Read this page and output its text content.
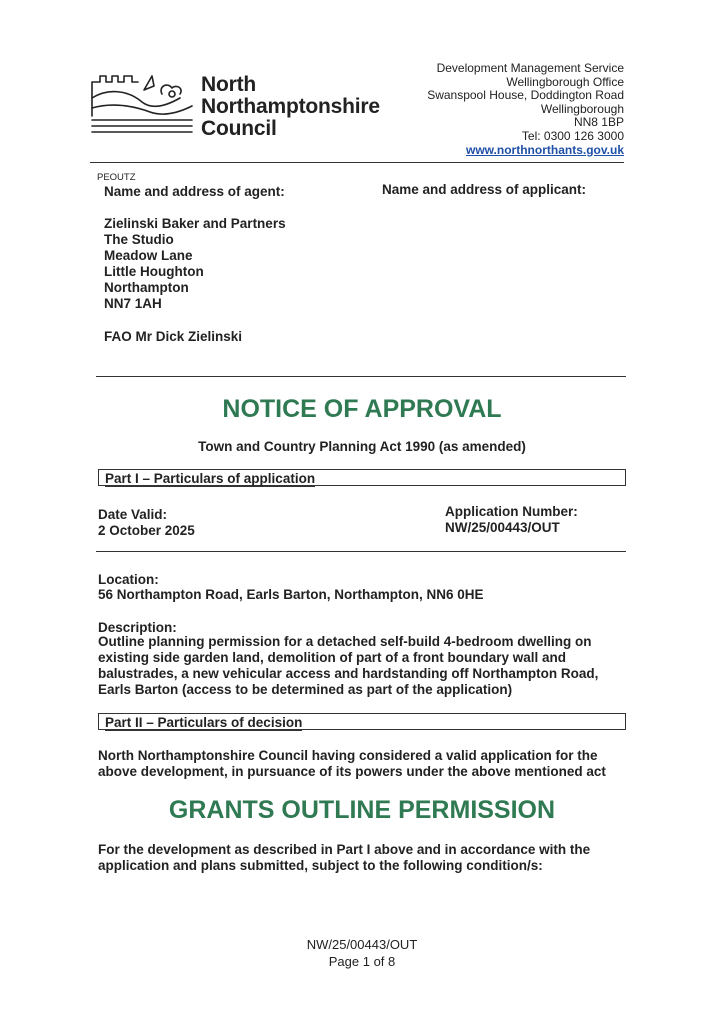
North
Northamptonshire
Council
Development Management Service
Wellingborough Office
Swanspool House, Doddington Road
Wellingborough
NN8 1BP
Tel: 0300 126 3000
www.northnorthants.gov.uk
PEOUTZ
Name and address of agent:	Name and address of applicant:
Zielinski Baker and Partners
The Studio
Meadow Lane
Little Houghton
Northampton
NN7 1AH
FAO Mr Dick Zielinski
NOTICE OF APPROVAL
Town and Country Planning Act 1990 (as amended)
Part I – Particulars of application
Date Valid:
2 October 2025
Application Number:
NW/25/00443/OUT
Location:
56 Northampton Road, Earls Barton, Northampton, NN6 0HE
Description:
Outline planning permission for a detached self-build 4-bedroom dwelling on
existing side garden land, demolition of part of a front boundary wall and
balustrades, a new vehicular access and hardstanding off Northampton Road,
Earls Barton (access to be determined as part of the application)
Part II – Particulars of decision
North Northamptonshire Council having considered a valid application for the
above development, in pursuance of its powers under the above mentioned act
GRANTS OUTLINE PERMISSION
For the development as described in Part I above and in accordance with the
application and plans submitted, subject to the following condition/s:
NW/25/00443/OUT
Page 1 of 8
